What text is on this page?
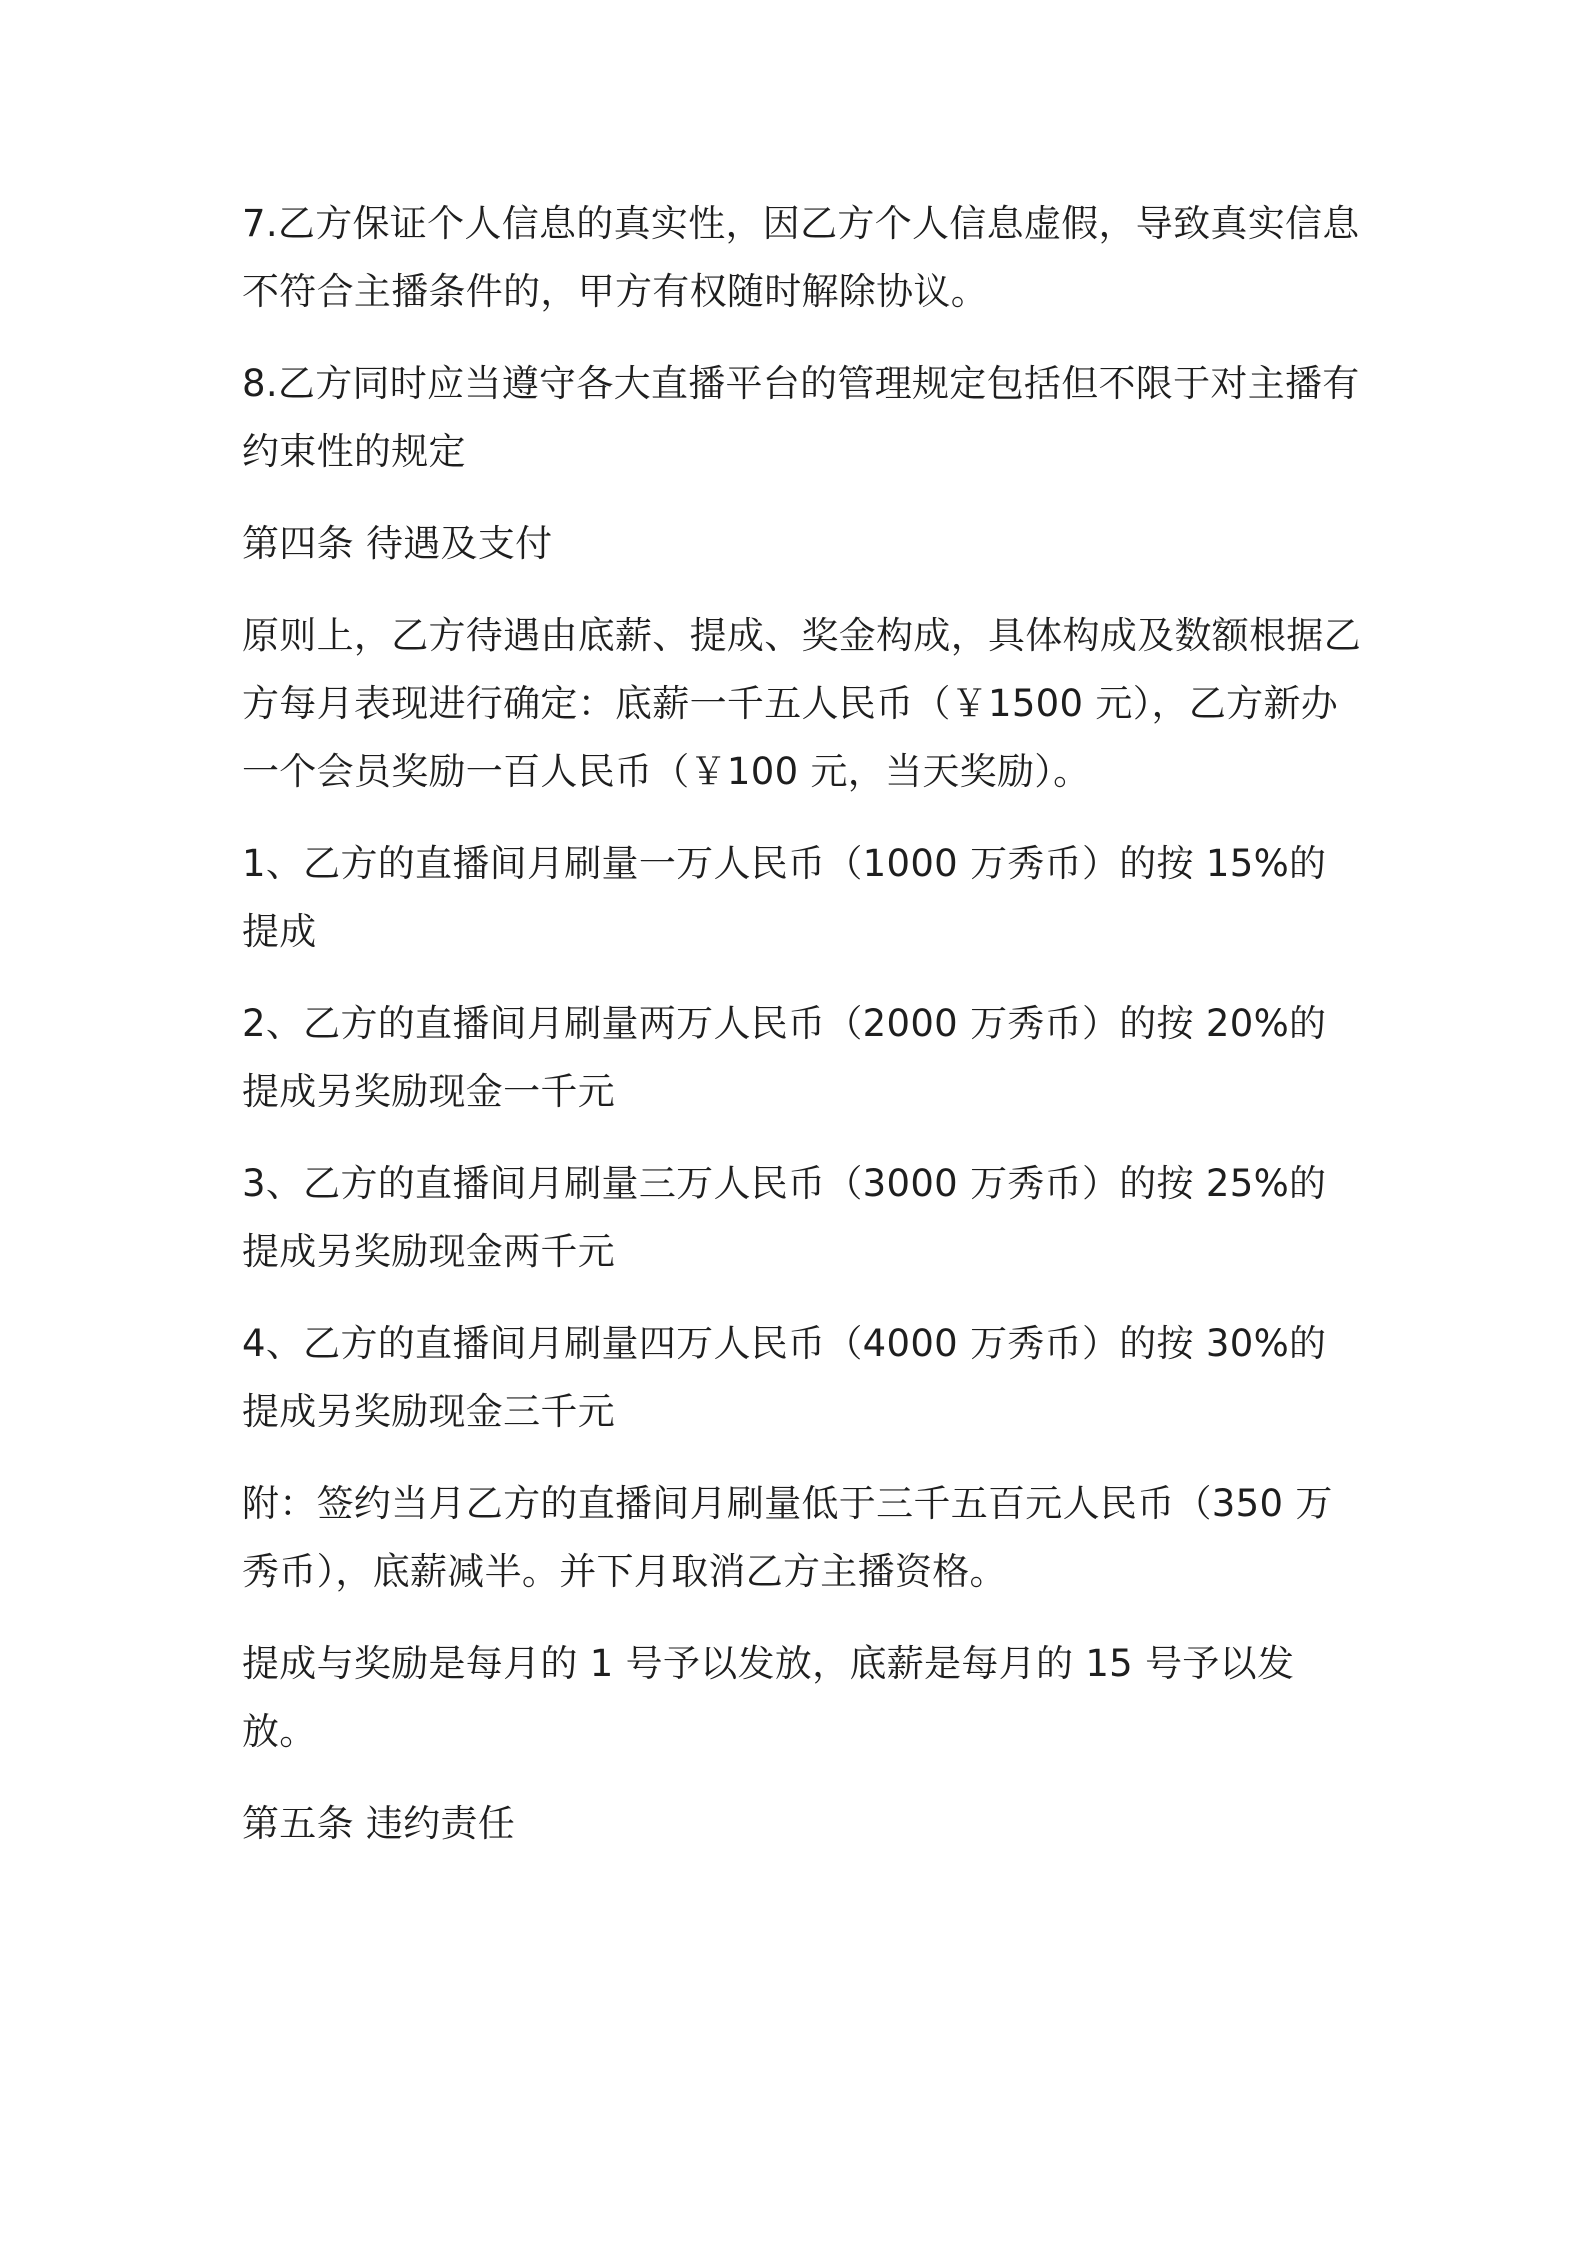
7.乙方保证个人信息的真实性，因乙方个人信息虚假，导致真实信息不符合主播条件的，甲方有权随时解除协议。

8.乙方同时应当遵守各大直播平台的管理规定包括但不限于对主播有约束性的规定

第四条 待遇及支付

原则上，乙方待遇由底薪、提成、奖金构成，具体构成及数额根据乙方每月表现进行确定：底薪一千五人民币（￥1500 元），乙方新办一个会员奖励一百人民币（￥100 元，当天奖励）。

1、乙方的直播间月刷量一万人民币（1000 万秀币）的按 15%的提成

2、乙方的直播间月刷量两万人民币（2000 万秀币）的按 20%的提成另奖励现金一千元

3、乙方的直播间月刷量三万人民币（3000 万秀币）的按 25%的提成另奖励现金两千元

4、乙方的直播间月刷量四万人民币（4000 万秀币）的按 30%的提成另奖励现金三千元

附：签约当月乙方的直播间月刷量低于三千五百元人民币（350 万秀币），底薪减半。并下月取消乙方主播资格。

提成与奖励是每月的 1 号予以发放，底薪是每月的 15 号予以发放。

第五条 违约责任
